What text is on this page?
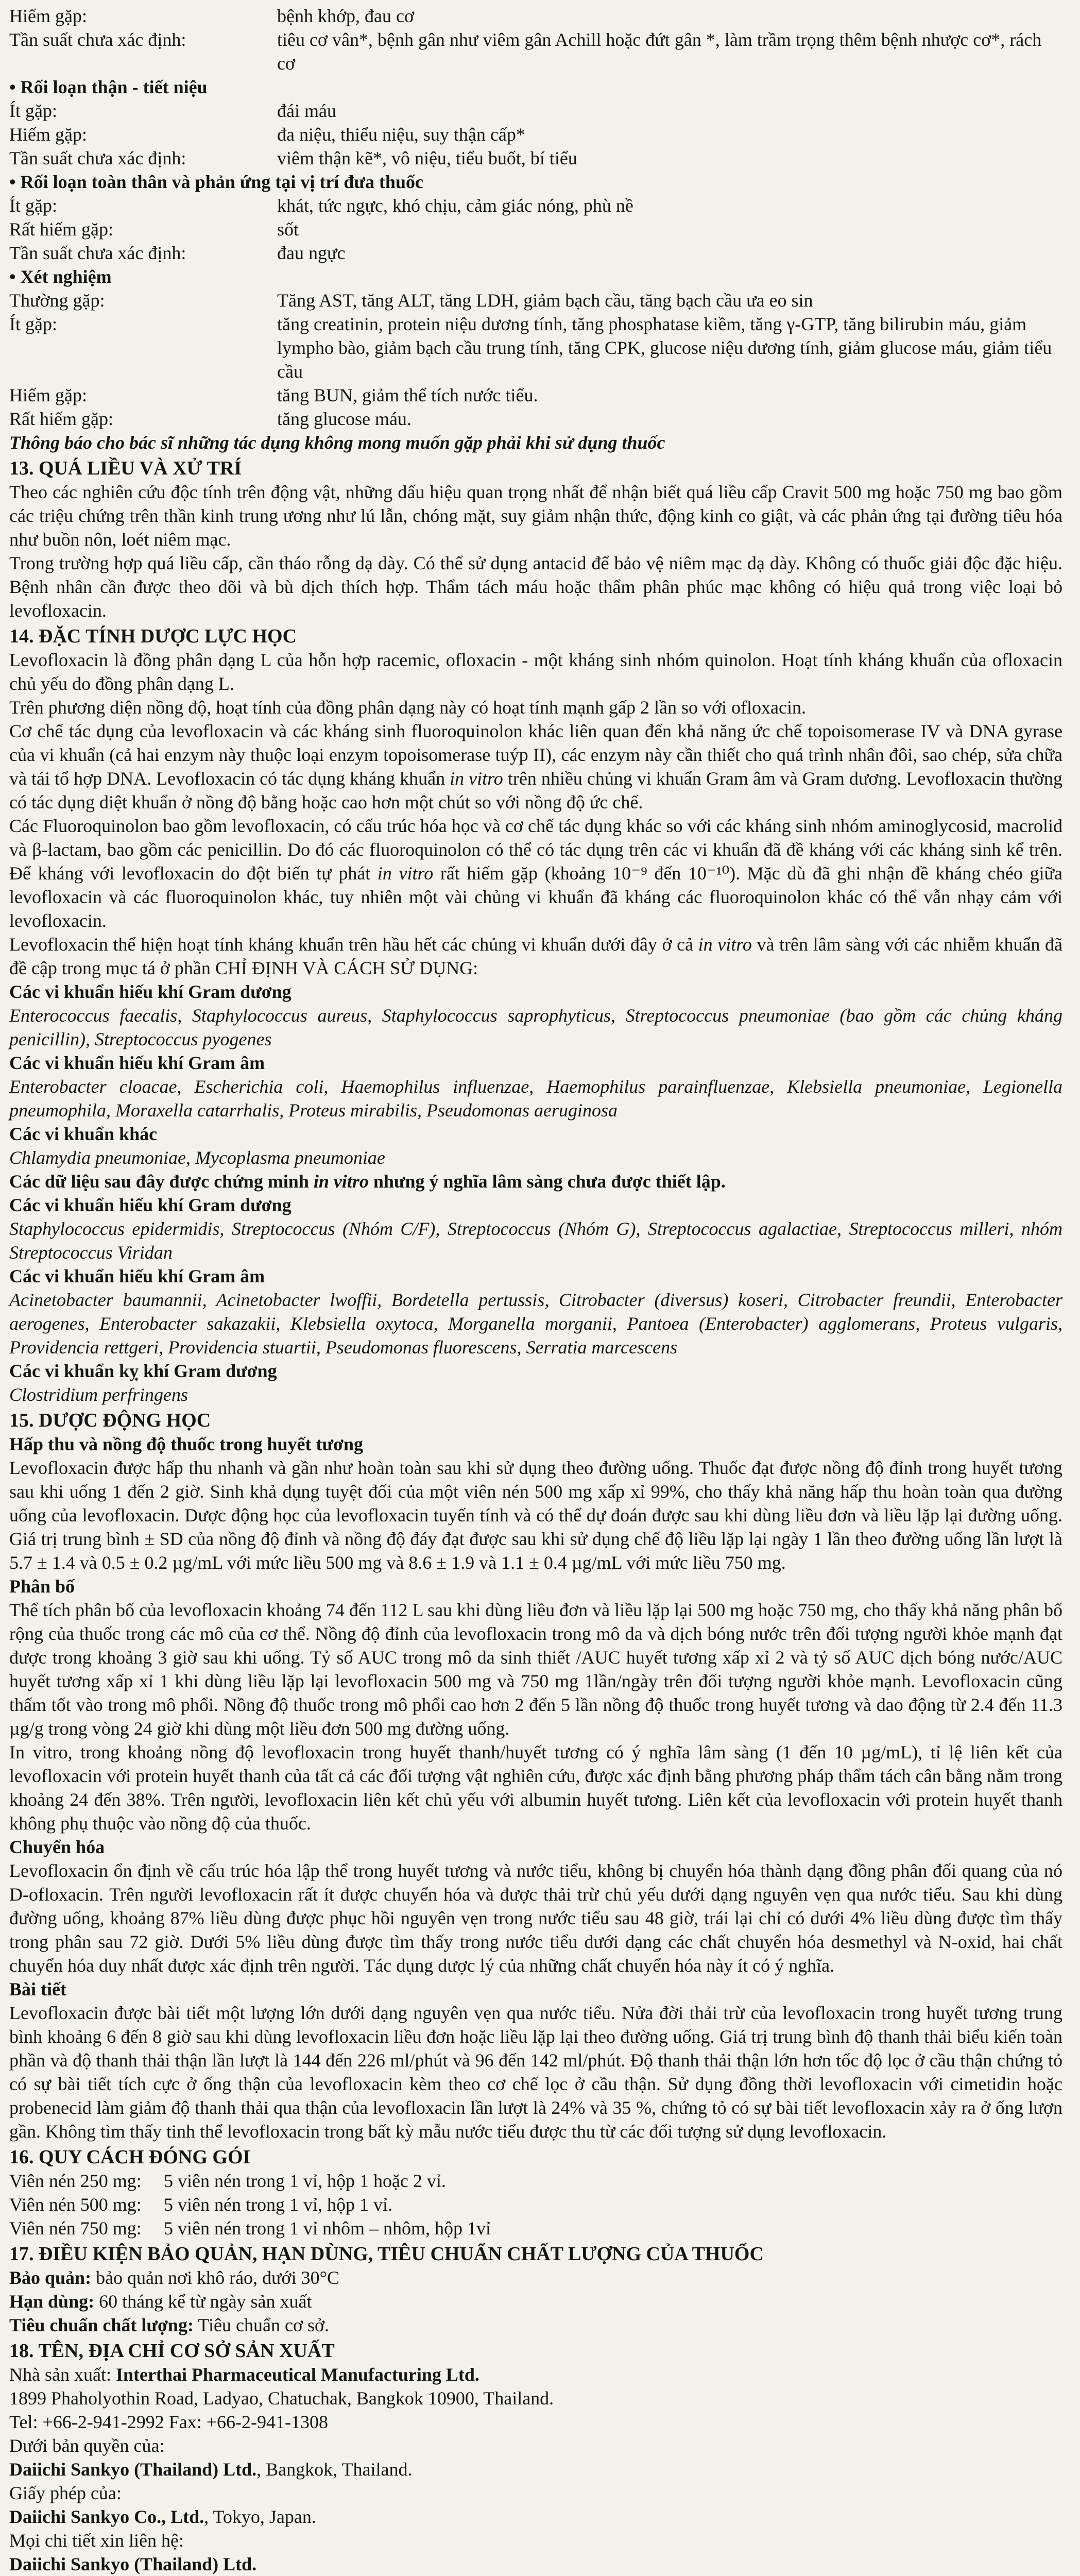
Hiếm gặp:	bệnh khớp, đau cơ
Tần suất chưa xác định:	tiêu cơ vân*, bệnh gân như viêm gân Achill hoặc đứt gân *, làm trầm trọng thêm bệnh nhược cơ*, rách cơ
• Rối loạn thận - tiết niệu
Ít gặp:	đái máu
Hiếm gặp:	đa niệu, thiểu niệu, suy thận cấp*
Tần suất chưa xác định:	viêm thận kẽ*, vô niệu, tiểu buốt, bí tiểu
• Rối loạn toàn thân và phản ứng tại vị trí đưa thuốc
Ít gặp:	khát, tức ngực, khó chịu, cảm giác nóng, phù nề
Rất hiếm gặp:	sốt
Tần suất chưa xác định:	đau ngực
• Xét nghiệm
Thường gặp:	Tăng AST, tăng ALT, tăng LDH, giảm bạch cầu, tăng bạch cầu ưa eo sin
Ít gặp:	tăng creatinin, protein niệu dương tính, tăng phosphatase kiềm, tăng γ-GTP, tăng bilirubin máu, giảm lympho bào, giảm bạch cầu trung tính, tăng CPK, glucose niệu dương tính, giảm glucose máu, giảm tiểu cầu
Hiếm gặp:	tăng BUN, giảm thể tích nước tiểu.
Rất hiếm gặp:	tăng glucose máu.
Thông báo cho bác sĩ những tác dụng không mong muốn gặp phải khi sử dụng thuốc
13. QUÁ LIỀU VÀ XỬ TRÍ

Theo các nghiên cứu độc tính trên động vật, những dấu hiệu quan trọng nhất để nhận biết quá liều cấp Cravit 500 mg hoặc 750 mg bao gồm các triệu chứng trên thần kinh trung ương như lú lẫn, chóng mặt, suy giảm nhận thức, động kinh co giật, và các phản ứng tại đường tiêu hóa như buồn nôn, loét niêm mạc.

Trong trường hợp quá liều cấp, cần tháo rỗng dạ dày. Có thể sử dụng antacid để bảo vệ niêm mạc dạ dày. Không có thuốc giải độc đặc hiệu. Bệnh nhân cần được theo dõi và bù dịch thích hợp. Thẩm tách máu hoặc thẩm phân phúc mạc không có hiệu quả trong việc loại bỏ levofloxacin.

14. ĐẶC TÍNH DƯỢC LỰC HỌC

Levofloxacin là đồng phân dạng L của hỗn hợp racemic, ofloxacin - một kháng sinh nhóm quinolon. Hoạt tính kháng khuẩn của ofloxacin chủ yếu do đồng phân dạng L.

Trên phương diện nồng độ, hoạt tính của đồng phân dạng này có hoạt tính mạnh gấp 2 lần so với ofloxacin.

Cơ chế tác dụng của levofloxacin và các kháng sinh fluoroquinolon khác liên quan đến khả năng ức chế topoisomerase IV và DNA gyrase của vi khuẩn (cả hai enzym này thuộc loại enzym topoisomerase tuýp II), các enzym này cần thiết cho quá trình nhân đôi, sao chép, sửa chữa và tái tổ hợp DNA. Levofloxacin có tác dụng kháng khuẩn in vitro trên nhiều chủng vi khuẩn Gram âm và Gram dương. Levofloxacin thường có tác dụng diệt khuẩn ở nồng độ bằng hoặc cao hơn một chút so với nồng độ ức chế.

Các Fluoroquinolon bao gồm levofloxacin, có cấu trúc hóa học và cơ chế tác dụng khác so với các kháng sinh nhóm aminoglycosid, macrolid và β-lactam, bao gồm các penicillin. Do đó các fluoroquinolon có thể có tác dụng trên các vi khuẩn đã đề kháng với các kháng sinh kể trên. Để kháng với levofloxacin do đột biến tự phát in vitro rất hiếm gặp (khoảng 10⁻⁹ đến 10⁻¹⁰). Mặc dù đã ghi nhận đề kháng chéo giữa levofloxacin và các fluoroquinolon khác, tuy nhiên một vài chủng vi khuẩn đã kháng các fluoroquinolon khác có thể vẫn nhạy cảm với levofloxacin.

Levofloxacin thể hiện hoạt tính kháng khuẩn trên hầu hết các chủng vi khuẩn dưới đây ở cả in vitro và trên lâm sàng với các nhiễm khuẩn đã đề cập trong mục tá ở phần CHỈ ĐỊNH VÀ CÁCH SỬ DỤNG:

Các vi khuẩn hiếu khí Gram dương

Enterococcus faecalis, Staphylococcus aureus, Staphylococcus saprophyticus, Streptococcus pneumoniae (bao gồm các chủng kháng penicillin), Streptococcus pyogenes

Các vi khuẩn hiếu khí Gram âm

Enterobacter cloacae, Escherichia coli, Haemophilus influenzae, Haemophilus parainfluenzae, Klebsiella pneumoniae, Legionella pneumophila, Moraxella catarrhalis, Proteus mirabilis, Pseudomonas aeruginosa

Các vi khuẩn khác

Chlamydia pneumoniae, Mycoplasma pneumoniae

Các dữ liệu sau đây được chứng minh in vitro nhưng ý nghĩa lâm sàng chưa được thiết lập.

Các vi khuẩn hiếu khí Gram dương

Staphylococcus epidermidis, Streptococcus (Nhóm C/F), Streptococcus (Nhóm G), Streptococcus agalactiae, Streptococcus milleri, nhóm Streptococcus Viridan

Các vi khuẩn hiếu khí Gram âm

Acinetobacter baumannii, Acinetobacter lwoffii, Bordetella pertussis, Citrobacter (diversus) koseri, Citrobacter freundii, Enterobacter aerogenes, Enterobacter sakazakii, Klebsiella oxytoca, Morganella morganii, Pantoea (Enterobacter) agglomerans, Proteus vulgaris, Providencia rettgeri, Providencia stuartii, Pseudomonas fluorescens, Serratia marcescens

Các vi khuẩn kỵ khí Gram dương

Clostridium perfringens

15. DƯỢC ĐỘNG HỌC
Hấp thu và nồng độ thuốc trong huyết tương

Levofloxacin được hấp thu nhanh và gần như hoàn toàn sau khi sử dụng theo đường uống. Thuốc đạt được nồng độ đỉnh trong huyết tương sau khi uống 1 đến 2 giờ. Sinh khả dụng tuyệt đối của một viên nén 500 mg xấp xỉ 99%, cho thấy khả năng hấp thu hoàn toàn qua đường uống của levofloxacin. Dược động học của levofloxacin tuyến tính và có thể dự đoán được sau khi dùng liều đơn và liều lặp lại đường uống. Giá trị trung bình ± SD của nồng độ đỉnh và nồng độ đáy đạt được sau khi sử dụng chế độ liều lặp lại ngày 1 lần theo đường uống lần lượt là 5.7 ± 1.4 và 0.5 ± 0.2 µg/mL với mức liều 500 mg và 8.6 ± 1.9 và 1.1 ± 0.4 µg/mL với mức liều 750 mg.

Phân bố

Thể tích phân bố của levofloxacin khoảng 74 đến 112 L sau khi dùng liều đơn và liều lặp lại 500 mg hoặc 750 mg, cho thấy khả năng phân bố rộng của thuốc trong các mô của cơ thể. Nồng độ đỉnh của levofloxacin trong mô da và dịch bóng nước trên đối tượng người khỏe mạnh đạt được trong khoảng 3 giờ sau khi uống. Tỷ số AUC trong mô da sinh thiết /AUC huyết tương xấp xỉ 2 và tỷ số AUC dịch bóng nước/AUC huyết tương xấp xỉ 1 khi dùng liều lặp lại levofloxacin 500 mg và 750 mg 1lần/ngày trên đối tượng người khỏe mạnh. Levofloxacin cũng thấm tốt vào trong mô phổi. Nồng độ thuốc trong mô phổi cao hơn 2 đến 5 lần nồng độ thuốc trong huyết tương và dao động từ 2.4 đến 11.3 µg/g trong vòng 24 giờ khi dùng một liều đơn 500 mg đường uống.

In vitro, trong khoảng nồng độ levofloxacin trong huyết thanh/huyết tương có ý nghĩa lâm sàng (1 đến 10 µg/mL), tỉ lệ liên kết của levofloxacin với protein huyết thanh của tất cả các đối tượng vật nghiên cứu, được xác định bằng phương pháp thẩm tách cân bằng nằm trong khoảng 24 đến 38%. Trên người, levofloxacin liên kết chủ yếu với albumin huyết tương. Liên kết của levofloxacin với protein huyết thanh không phụ thuộc vào nồng độ của thuốc.

Chuyển hóa

Levofloxacin ổn định về cấu trúc hóa lập thể trong huyết tương và nước tiểu, không bị chuyển hóa thành dạng đồng phân đối quang của nó D-ofloxacin. Trên người levofloxacin rất ít được chuyển hóa và được thải trừ chủ yếu dưới dạng nguyên vẹn qua nước tiểu. Sau khi dùng đường uống, khoảng 87% liều dùng được phục hồi nguyên vẹn trong nước tiểu sau 48 giờ, trái lại chỉ có dưới 4% liều dùng được tìm thấy trong phân sau 72 giờ. Dưới 5% liều dùng được tìm thấy trong nước tiểu dưới dạng các chất chuyển hóa desmethyl và N-oxid, hai chất chuyển hóa duy nhất được xác định trên người. Tác dụng dược lý của những chất chuyển hóa này ít có ý nghĩa.

Bài tiết

Levofloxacin được bài tiết một lượng lớn dưới dạng nguyên vẹn qua nước tiểu. Nửa đời thải trừ của levofloxacin trong huyết tương trung bình khoảng 6 đến 8 giờ sau khi dùng levofloxacin liều đơn hoặc liều lặp lại theo đường uống. Giá trị trung bình độ thanh thải biểu kiến toàn phần và độ thanh thải thận lần lượt là 144 đến 226 ml/phút và 96 đến 142 ml/phút. Độ thanh thải thận lớn hơn tốc độ lọc ở cầu thận chứng tỏ có sự bài tiết tích cực ở ống thận của levofloxacin kèm theo cơ chế lọc ở cầu thận. Sử dụng đồng thời levofloxacin với cimetidin hoặc probenecid làm giảm độ thanh thải qua thận của levofloxacin lần lượt là 24% và 35 %, chứng tỏ có sự bài tiết levofloxacin xảy ra ở ống lượn gần. Không tìm thấy tinh thể levofloxacin trong bất kỳ mẫu nước tiểu được thu từ các đối tượng sử dụng levofloxacin.

16. QUY CÁCH ĐÓNG GÓI
Viên nén 250 mg:	5 viên nén trong 1 vỉ, hộp 1 hoặc 2 vỉ.
Viên nén 500 mg:	5 viên nén trong 1 vỉ, hộp 1 vỉ.
Viên nén 750 mg:	5 viên nén trong 1 vỉ nhôm – nhôm, hộp 1vỉ
17. ĐIỀU KIỆN BẢO QUẢN, HẠN DÙNG, TIÊU CHUẨN CHẤT LƯỢNG CỦA THUỐC
Bảo quản: bảo quản nơi khô ráo, dưới 30°C
Hạn dùng: 60 tháng kể từ ngày sản xuất
Tiêu chuẩn chất lượng: Tiêu chuẩn cơ sở.
18. TÊN, ĐỊA CHỈ CƠ SỞ SẢN XUẤT
Nhà sản xuất: Interthai Pharmaceutical Manufacturing Ltd.
1899 Phaholyothin Road, Ladyao, Chatuchak, Bangkok 10900, Thailand.
Tel: +66-2-941-2992 Fax: +66-2-941-1308
Dưới bản quyền của:
Daiichi Sankyo (Thailand) Ltd., Bangkok, Thailand.
Giấy phép của:
Daiichi Sankyo Co., Ltd., Tokyo, Japan.
Mọi chi tiết xin liên hệ:
Daiichi Sankyo (Thailand) Ltd.
